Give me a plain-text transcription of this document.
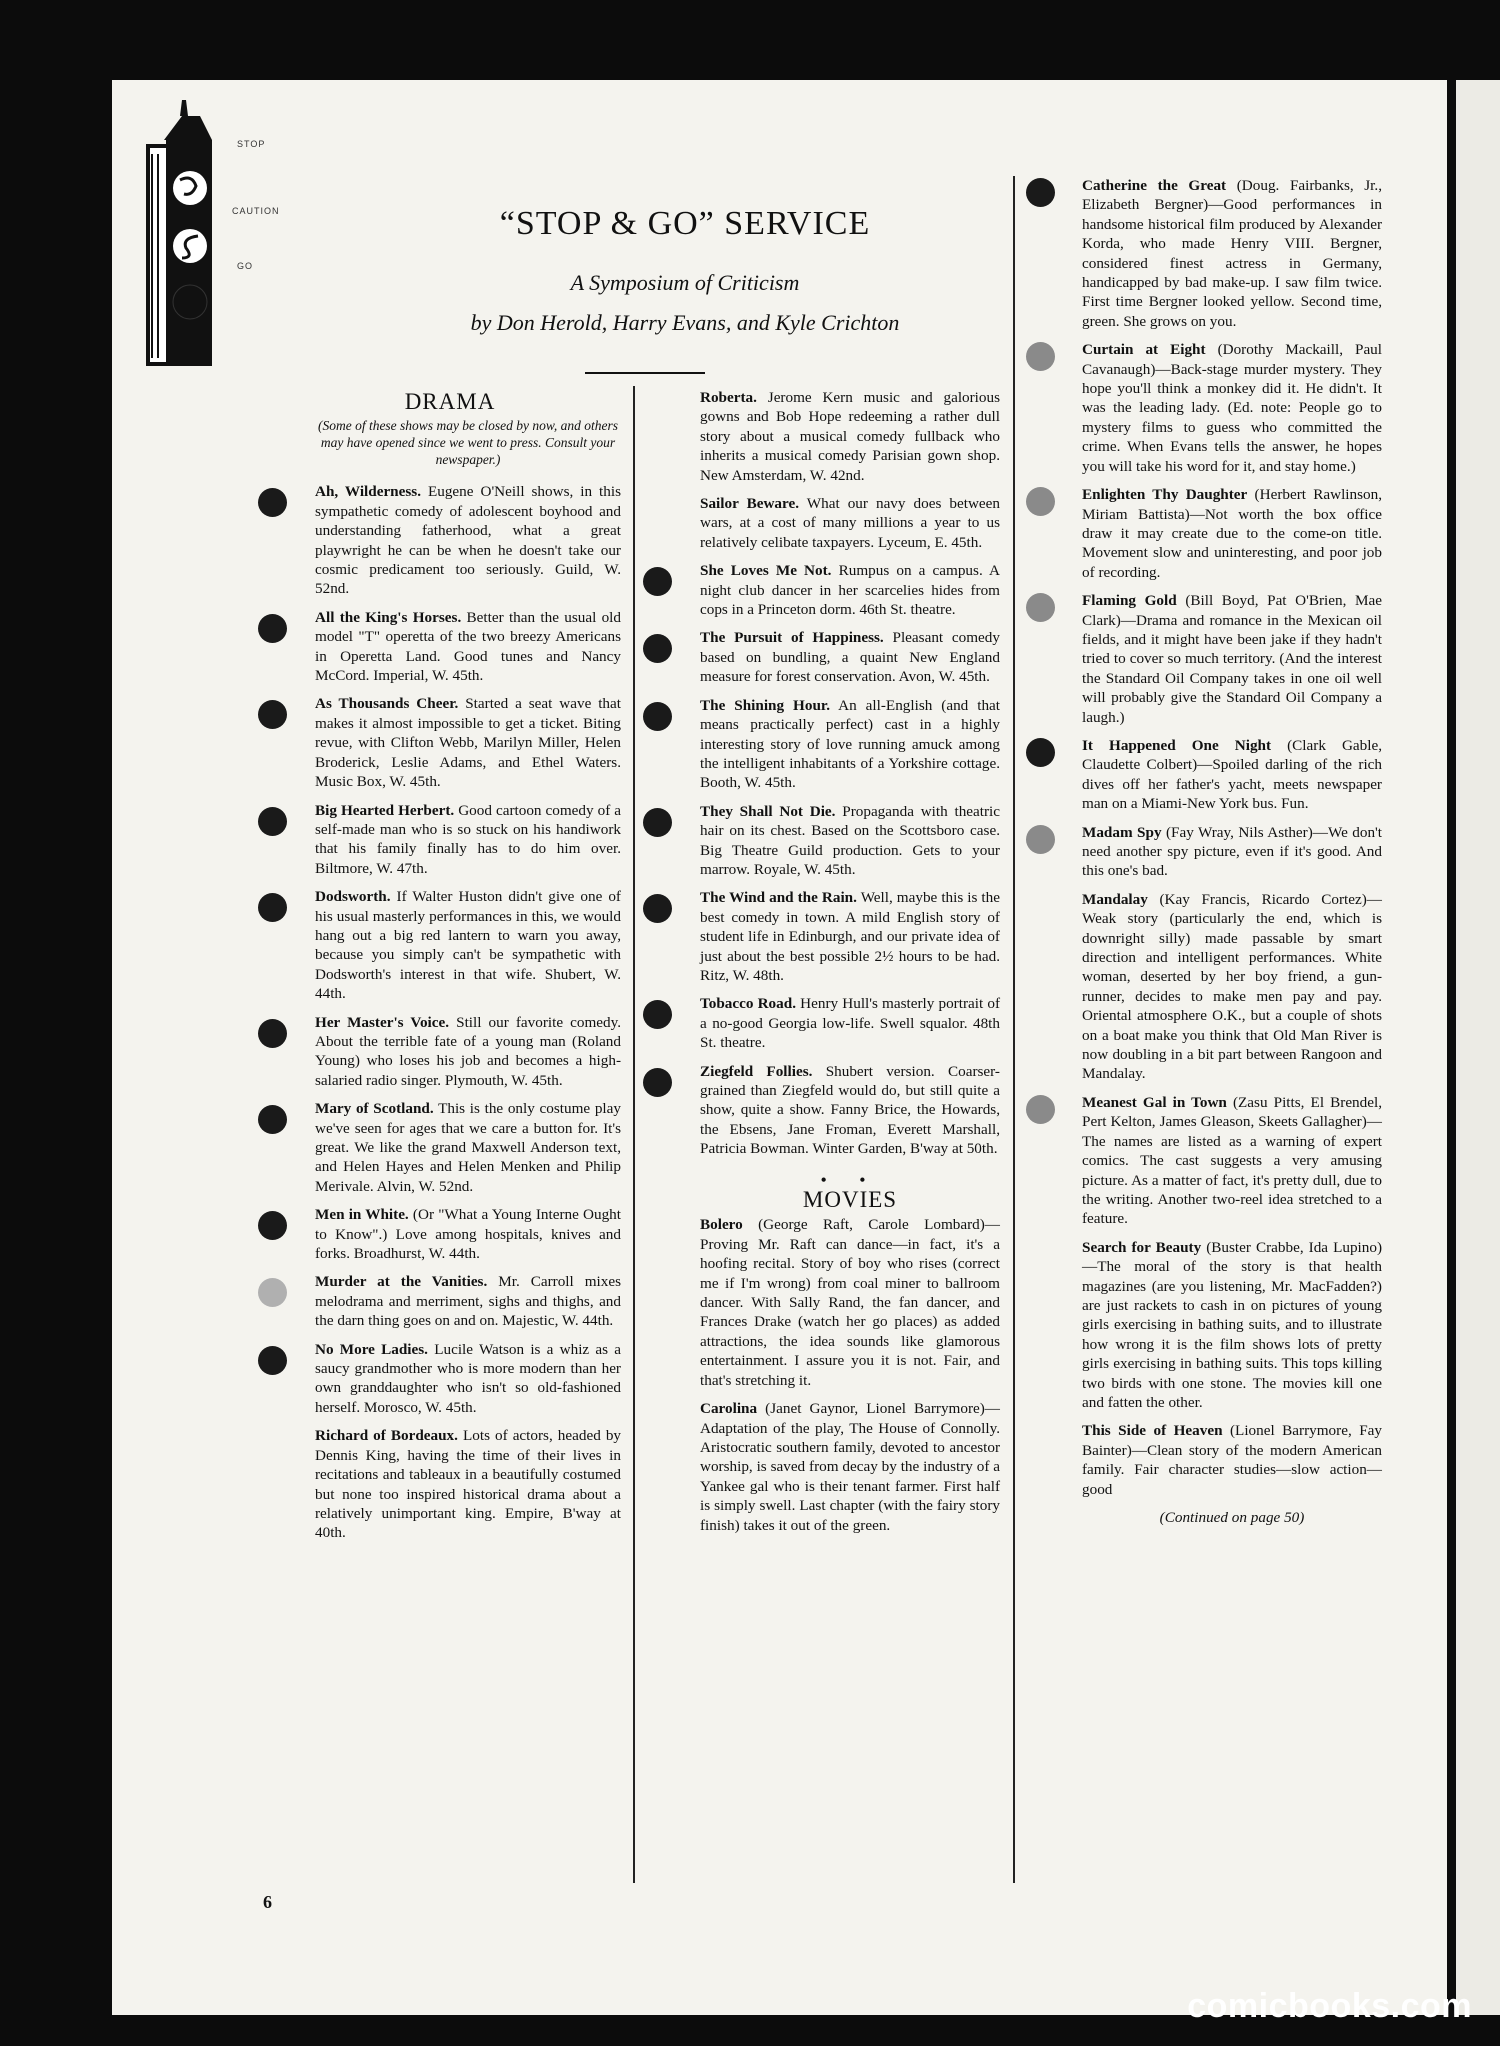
STOP
CAUTION
GO
“STOP & GO” SERVICE
A Symposium of Criticism
by Don Herold, Harry Evans, and Kyle Crichton
DRAMA
(Some of these shows may be closed by now, and others may have opened since we went to press. Consult your newspaper.)
Ah, Wilderness. Eugene O'Neill shows, in this sympathetic comedy of adolescent boyhood and understanding fatherhood, what a great playwright he can be when he doesn't take our cosmic predicament too seriously. Guild, W. 52nd.
All the King's Horses. Better than the usual old model "T" operetta of the two breezy Americans in Operetta Land. Good tunes and Nancy McCord. Imperial, W. 45th.
As Thousands Cheer. Started a seat wave that makes it almost impossible to get a ticket. Biting revue, with Clifton Webb, Marilyn Miller, Helen Broderick, Leslie Adams, and Ethel Waters. Music Box, W. 45th.
Big Hearted Herbert. Good cartoon comedy of a self-made man who is so stuck on his handiwork that his family finally has to do him over. Biltmore, W. 47th.
Dodsworth. If Walter Huston didn't give one of his usual masterly performances in this, we would hang out a big red lantern to warn you away, because you simply can't be sympathetic with Dodsworth's interest in that wife. Shubert, W. 44th.
Her Master's Voice. Still our favorite comedy. About the terrible fate of a young man (Roland Young) who loses his job and becomes a high-salaried radio singer. Plymouth, W. 45th.
Mary of Scotland. This is the only costume play we've seen for ages that we care a button for. It's great. We like the grand Maxwell Anderson text, and Helen Hayes and Helen Menken and Philip Merivale. Alvin, W. 52nd.
Men in White. (Or "What a Young Interne Ought to Know".) Love among hospitals, knives and forks. Broadhurst, W. 44th.
Murder at the Vanities. Mr. Carroll mixes melodrama and merriment, sighs and thighs, and the darn thing goes on and on. Majestic, W. 44th.
No More Ladies. Lucile Watson is a whiz as a saucy grandmother who is more modern than her own granddaughter who isn't so old-fashioned herself. Morosco, W. 45th.
Richard of Bordeaux. Lots of actors, headed by Dennis King, having the time of their lives in recitations and tableaux in a beautifully costumed but none too inspired historical drama about a relatively unimportant king. Empire, B'way at 40th.
Roberta. Jerome Kern music and galorious gowns and Bob Hope redeeming a rather dull story about a musical comedy fullback who inherits a musical comedy Parisian gown shop. New Amsterdam, W. 42nd.
Sailor Beware. What our navy does between wars, at a cost of many millions a year to us relatively celibate taxpayers. Lyceum, E. 45th.
She Loves Me Not. Rumpus on a campus. A night club dancer in her scarcelies hides from cops in a Princeton dorm. 46th St. theatre.
The Pursuit of Happiness. Pleasant comedy based on bundling, a quaint New England measure for forest conservation. Avon, W. 45th.
The Shining Hour. An all-English (and that means practically perfect) cast in a highly interesting story of love running amuck among the intelligent inhabitants of a Yorkshire cottage. Booth, W. 45th.
They Shall Not Die. Propaganda with theatric hair on its chest. Based on the Scottsboro case. Big Theatre Guild production. Gets to your marrow. Royale, W. 45th.
The Wind and the Rain. Well, maybe this is the best comedy in town. A mild English story of student life in Edinburgh, and our private idea of just about the best possible 2½ hours to be had. Ritz, W. 48th.
Tobacco Road. Henry Hull's masterly portrait of a no-good Georgia low-life. Swell squalor. 48th St. theatre.
Ziegfeld Follies. Shubert version. Coarser-grained than Ziegfeld would do, but still quite a show, quite a show. Fanny Brice, the Howards, the Ebsens, Jane Froman, Everett Marshall, Patricia Bowman. Winter Garden, B'way at 50th.
• •
MOVIES
Bolero (George Raft, Carole Lombard)—Proving Mr. Raft can dance—in fact, it's a hoofing recital. Story of boy who rises (correct me if I'm wrong) from coal miner to ballroom dancer. With Sally Rand, the fan dancer, and Frances Drake (watch her go places) as added attractions, the idea sounds like glamorous entertainment. I assure you it is not. Fair, and that's stretching it.
Carolina (Janet Gaynor, Lionel Barrymore)—Adaptation of the play, The House of Connolly. Aristocratic southern family, devoted to ancestor worship, is saved from decay by the industry of a Yankee gal who is their tenant farmer. First half is simply swell. Last chapter (with the fairy story finish) takes it out of the green.
Catherine the Great (Doug. Fairbanks, Jr., Elizabeth Bergner)—Good performances in handsome historical film produced by Alexander Korda, who made Henry VIII. Bergner, considered finest actress in Germany, handicapped by bad make-up. I saw film twice. First time Bergner looked yellow. Second time, green. She grows on you.
Curtain at Eight (Dorothy Mackaill, Paul Cavanaugh)—Back-stage murder mystery. They hope you'll think a monkey did it. He didn't. It was the leading lady. (Ed. note: People go to mystery films to guess who committed the crime. When Evans tells the answer, he hopes you will take his word for it, and stay home.)
Enlighten Thy Daughter (Herbert Rawlinson, Miriam Battista)—Not worth the box office draw it may create due to the come-on title. Movement slow and uninteresting, and poor job of recording.
Flaming Gold (Bill Boyd, Pat O'Brien, Mae Clark)—Drama and romance in the Mexican oil fields, and it might have been jake if they hadn't tried to cover so much territory. (And the interest the Standard Oil Company takes in one oil well will probably give the Standard Oil Company a laugh.)
It Happened One Night (Clark Gable, Claudette Colbert)—Spoiled darling of the rich dives off her father's yacht, meets newspaper man on a Miami-New York bus. Fun.
Madam Spy (Fay Wray, Nils Asther)—We don't need another spy picture, even if it's good. And this one's bad.
Mandalay (Kay Francis, Ricardo Cortez)—Weak story (particularly the end, which is downright silly) made passable by smart direction and intelligent performances. White woman, deserted by her boy friend, a gun-runner, decides to make men pay and pay. Oriental atmosphere O.K., but a couple of shots on a boat make you think that Old Man River is now doubling in a bit part between Rangoon and Mandalay.
Meanest Gal in Town (Zasu Pitts, El Brendel, Pert Kelton, James Gleason, Skeets Gallagher)—The names are listed as a warning of expert comics. The cast suggests a very amusing picture. As a matter of fact, it's pretty dull, due to the writing. Another two-reel idea stretched to a feature.
Search for Beauty (Buster Crabbe, Ida Lupino)—The moral of the story is that health magazines (are you listening, Mr. MacFadden?) are just rackets to cash in on pictures of young girls exercising in bathing suits, and to illustrate how wrong it is the film shows lots of pretty girls exercising in bathing suits. This tops killing two birds with one stone. The movies kill one and fatten the other.
This Side of Heaven (Lionel Barrymore, Fay Bainter)—Clean story of the modern American family. Fair character studies—slow action—good
(Continued on page 50)
6
comicbooks.com
